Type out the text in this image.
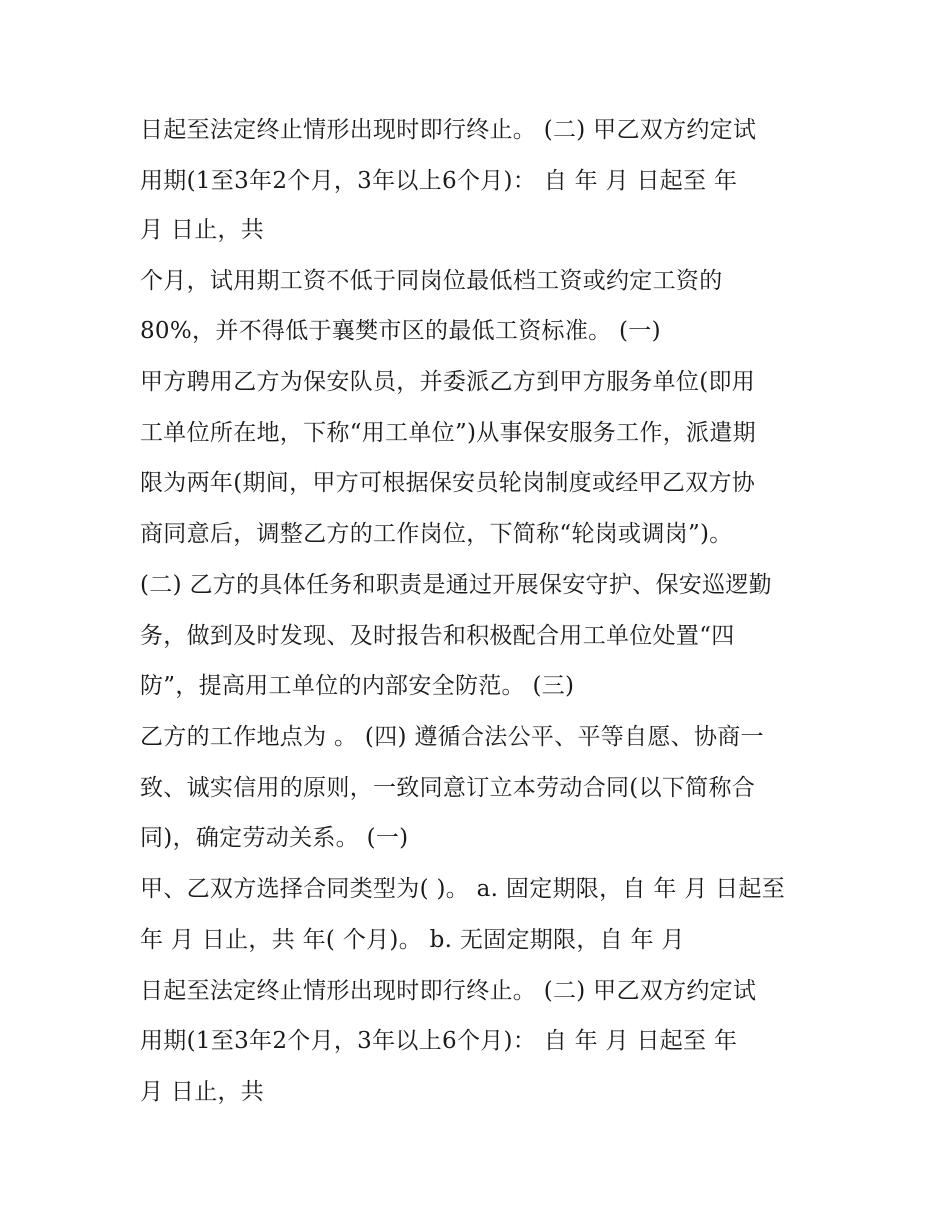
日起至法定终止情形出现时即行终止。 (二) 甲乙双方约定试
用期(1至3年2个月，3年以上6个月)： 自 年 月 日起至 年
月 日止，共
个月，试用期工资不低于同岗位最低档工资或约定工资的
80%，并不得低于襄樊市区的最低工资标准。 (一)
甲方聘用乙方为保安队员，并委派乙方到甲方服务单位(即用
工单位所在地，下称“用工单位”)从事保安服务工作，派遣期
限为两年(期间，甲方可根据保安员轮岗制度或经甲乙双方协
商同意后，调整乙方的工作岗位，下简称“轮岗或调岗”)。
(二) 乙方的具体任务和职责是通过开展保安守护、保安巡逻勤
务，做到及时发现、及时报告和积极配合用工单位处置“四
防”，提高用工单位的内部安全防范。 (三)
乙方的工作地点为 。 (四) 遵循合法公平、平等自愿、协商一
致、诚实信用的原则，一致同意订立本劳动合同(以下简称合
同)，确定劳动关系。 (一)
甲、乙双方选择合同类型为( )。 a. 固定期限，自 年 月 日起至
年 月 日止，共 年( 个月)。 b. 无固定期限，自 年 月
日起至法定终止情形出现时即行终止。 (二) 甲乙双方约定试
用期(1至3年2个月，3年以上6个月)： 自 年 月 日起至 年
月 日止，共
